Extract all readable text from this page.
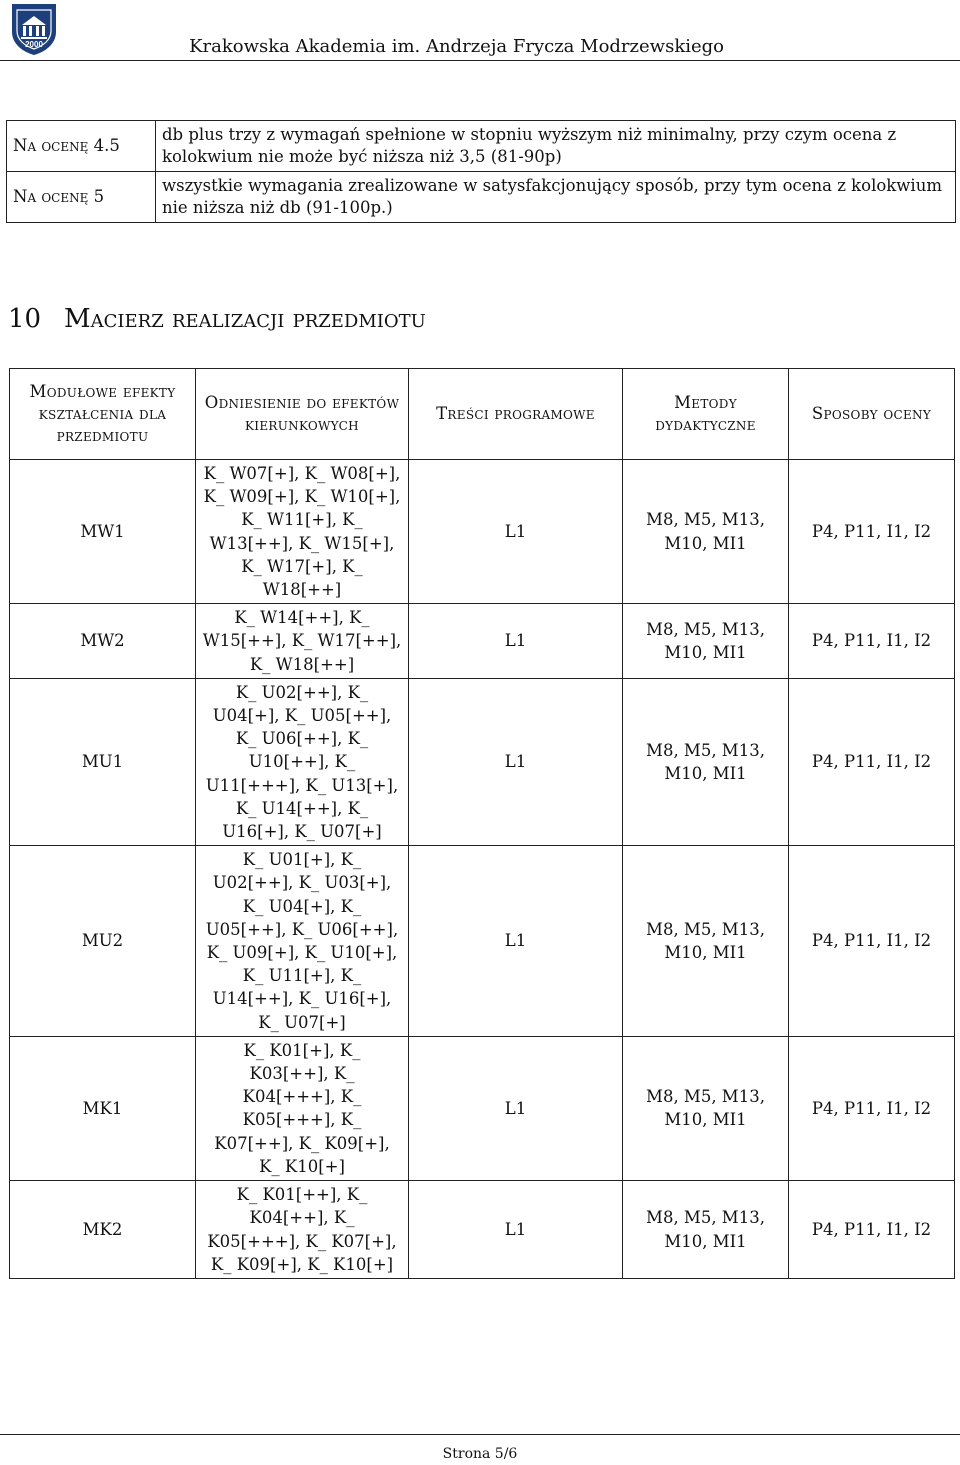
2000	Krakowska Akademia im. Andrzeja Frycza Modrzewskiego
Na ocenę 4.5	db plus trzy z wymagań spełnione w stopniu wyższym niż minimalny, przy czym ocena z kolokwium nie może być niższa niż 3,5 (81-90p)
Na ocenę 5	wszystkie wymagania zrealizowane w satysfakcjonujący sposób, przy tym ocena z kolokwium nie niższa niż db (91-100p.)
10 Macierz realizacji przedmiotu
Modułowe efekty kształcenia dla przedmiotu	Odniesienie do efektów kierunkowych	Treści programowe	Metody dydaktyczne	Sposoby oceny
MW1	K_ W07[+], K_ W08[+], K_ W09[+], K_ W10[+], K_ W11[+], K_ W13[++], K_ W15[+], K_ W17[+], K_ W18[++]	L1	M8, M5, M13, M10, MI1	P4, P11, I1, I2
MW2	K_ W14[++], K_ W15[++], K_ W17[++], K_ W18[++]	L1	M8, M5, M13, M10, MI1	P4, P11, I1, I2
MU1	K_ U02[++], K_ U04[+], K_ U05[++], K_ U06[++], K_ U10[++], K_ U11[+++], K_ U13[+], K_ U14[++], K_ U16[+], K_ U07[+]	L1	M8, M5, M13, M10, MI1	P4, P11, I1, I2
MU2	K_ U01[+], K_ U02[++], K_ U03[+], K_ U04[+], K_ U05[++], K_ U06[++], K_ U09[+], K_ U10[+], K_ U11[+], K_ U14[++], K_ U16[+], K_ U07[+]	L1	M8, M5, M13, M10, MI1	P4, P11, I1, I2
MK1	K_ K01[+], K_ K03[++], K_ K04[+++], K_ K05[+++], K_ K07[++], K_ K09[+], K_ K10[+]	L1	M8, M5, M13, M10, MI1	P4, P11, I1, I2
MK2	K_ K01[++], K_ K04[++], K_ K05[+++], K_ K07[+], K_ K09[+], K_ K10[+]	L1	M8, M5, M13, M10, MI1	P4, P11, I1, I2
Strona 5/6
